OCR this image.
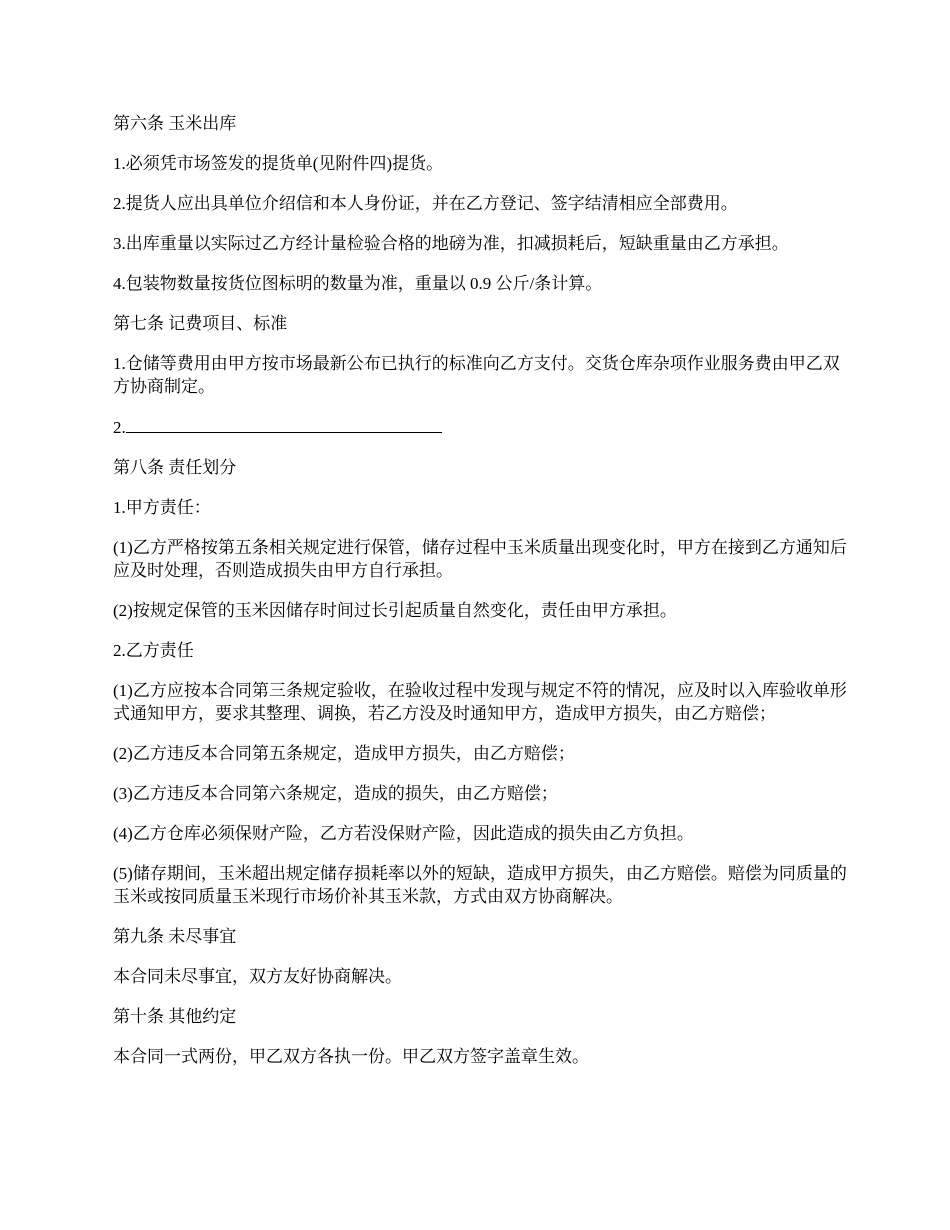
第六条 玉米出库

1.必须凭市场签发的提货单(见附件四)提货。

2.提货人应出具单位介绍信和本人身份证，并在乙方登记、签字结清相应全部费用。

3.出库重量以实际过乙方经计量检验合格的地磅为准，扣减损耗后，短缺重量由乙方承担。

4.包装物数量按货位图标明的数量为准，重量以 0.9 公斤/条计算。

第七条 记费项目、标准

1.仓储等费用由甲方按市场最新公布已执行的标准向乙方支付。交货仓库杂项作业服务费由甲乙双方协商制定。

2.

第八条 责任划分

1.甲方责任：

(1)乙方严格按第五条相关规定进行保管，储存过程中玉米质量出现变化时，甲方在接到乙方通知后应及时处理，否则造成损失由甲方自行承担。

(2)按规定保管的玉米因储存时间过长引起质量自然变化，责任由甲方承担。

2.乙方责任

(1)乙方应按本合同第三条规定验收，在验收过程中发现与规定不符的情况，应及时以入库验收单形式通知甲方，要求其整理、调换，若乙方没及时通知甲方，造成甲方损失，由乙方赔偿；

(2)乙方违反本合同第五条规定，造成甲方损失，由乙方赔偿；

(3)乙方违反本合同第六条规定，造成的损失，由乙方赔偿；

(4)乙方仓库必须保财产险，乙方若没保财产险，因此造成的损失由乙方负担。

(5)储存期间，玉米超出规定储存损耗率以外的短缺，造成甲方损失，由乙方赔偿。赔偿为同质量的玉米或按同质量玉米现行市场价补其玉米款，方式由双方协商解决。

第九条 未尽事宜

本合同未尽事宜，双方友好协商解决。

第十条 其他约定

本合同一式两份，甲乙双方各执一份。甲乙双方签字盖章生效。
